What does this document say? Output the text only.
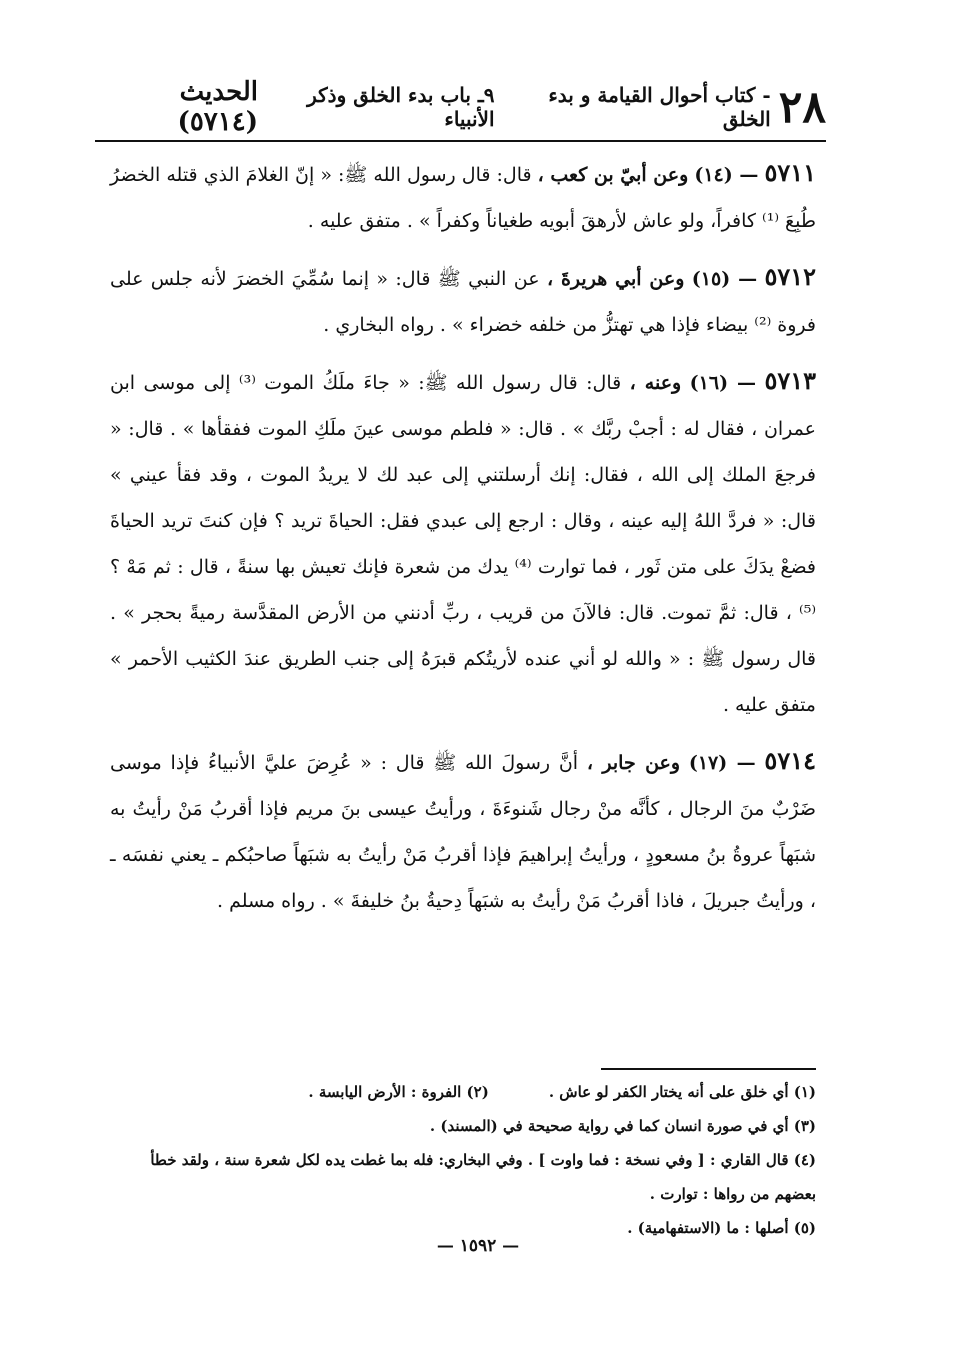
٢٨
- كتاب أحوال القيامة و بدء الخلق
٩ـ باب بدء الخلق وذكر الأنبياء
الحديث (٥٧١٤)

٥٧١١ — (١٤) وعن أبيّ بن كعب ، قال: قال رسول الله ﷺ: « إنّ الغلامَ الذي قتله الخضرُ طُبِعَ ⁽¹⁾ كافراً، ولو عاش لأرهقَ أبويه طغياناً وكفراً » . متفق عليه .

٥٧١٢ — (١٥) وعن أبي هريرةَ ، عن النبي ﷺ قال: « إنما سُمِّيَ الخضرَ لأنه جلس على فروة ⁽²⁾ بيضاء فإذا هي تهتزُّ من خلفه خضراء » . رواه البخاري .

٥٧١٣ — (١٦) وعنه ، قال: قال رسول الله ﷺ: « جاءَ ملَكُ الموت ⁽³⁾ إلى موسى ابن عمران ، فقال له : أجبْ ربَّك » . قال: « فلطم موسى عينَ ملَكِ الموت ففقأها » . قال: « فرجعَ الملك إلى الله ، فقال: إنك أرسلتني إلى عبد لك لا يريدُ الموت ، وقد فقأ عيني » قال: « فردَّ اللهُ إليه عينه ، وقال : ارجع إلى عبدي فقل: الحياةَ تريد ؟ فإن كنتَ تريد الحياةَ فضعْ يدَكَ على متن ثَور ، فما توارت ⁽⁴⁾ يدك من شعرة فإنك تعيش بها سنةً ، قال : ثم مَهْ ؟⁽⁵⁾ ، قال: ثمَّ تموت. قال: فالآنَ من قريب ، ربِّ أدنني من الأرض المقدَّسة رميةً بحجر » . قال رسول ﷺ : « والله لو أني عنده لأريتُكم قبرَهُ إلى جنب الطريق عندَ الكثيب الأحمر » متفق عليه .

٥٧١٤ — (١٧) وعن جابر ، أنَّ رسولَ الله ﷺ قال : « عُرِضَ عليَّ الأنبياءُ فإذا موسى ضَرْبٌ منَ الرجال ، كأنَّه منْ رجال شَنوءَةَ ، ورأيتُ عيسى بنَ مريم فإذا أقربُ مَنْ رأيتُ به شبَهاً عروةُ بنُ مسعودٍ ، ورأيتُ إبراهيمَ فإذا أقربُ مَنْ رأيتُ به شبَهاً صاحبُكم ـ يعني نفسَه ـ ، ورأيتُ جبريلَ ، فاذا أقربُ مَنْ رأيتُ به شبَهاً دِحيةُ بنُ خليفةَ » . رواه مسلم .

(١) أي خلق على أنه يختار الكفر لو عاش .
(٢) الفروة : الأرض اليابسة .
(٣) أي في صورة انسان كما في رواية صحيحة في (المسند) .
(٤) قال القاري : [ وفي نسخة : فما واوت ] . وفي البخاري: فله بما غطت يده لكل شعرة سنة ، ولقد خطأ بعضهم من رواها : توارت .
(٥) أصلها : ما (الاستفهامية) .
— ١٥٩٢ —
